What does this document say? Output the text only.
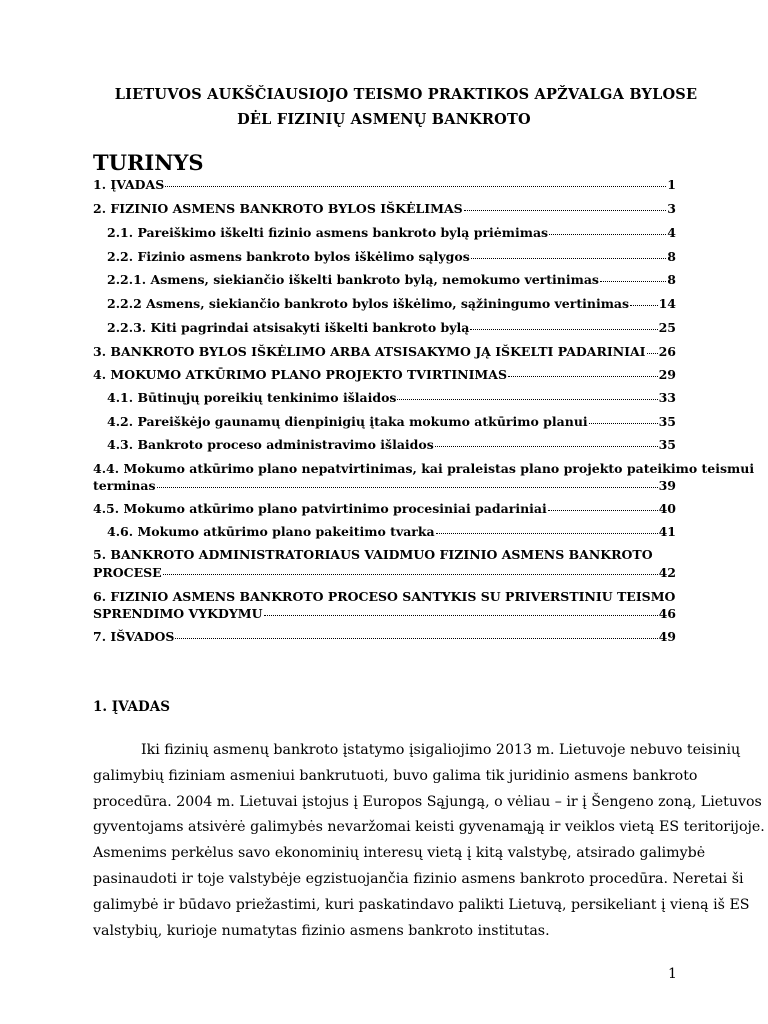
LIETUVOS AUKŠČIAUSIOJO TEISMO PRAKTIKOS APŽVALGA BYLOSE
DĖL FIZINIŲ ASMENŲ BANKROTO
TURINYS
1. ĮVADAS	1
2. FIZINIO ASMENS BANKROTO BYLOS IŠKĖLIMAS	3
2.1. Pareiškimo iškelti fizinio asmens bankroto bylą priėmimas	4
2.2. Fizinio asmens bankroto bylos iškėlimo sąlygos	8
2.2.1. Asmens, siekiančio iškelti bankroto bylą, nemokumo vertinimas	8
2.2.2 Asmens, siekiančio bankroto bylos iškėlimo, sąžiningumo vertinimas 14
2.2.3. Kiti pagrindai atsisakyti iškelti bankroto bylą	25
3. BANKROTO BYLOS IŠKĖLIMO ARBA ATSISAKYMO JĄ IŠKELTI PADARINIAI 26
4. MOKUMO ATKŪRIMO PLANO PROJEKTO TVIRTINIMAS	29
4.1. Būtinųjų poreikių tenkinimo išlaidos	33
4.2. Pareiškėjo gaunamų dienpinigių įtaka mokumo atkūrimo planui	35
4.3. Bankroto proceso administravimo išlaidos	35
4.4. Mokumo atkūrimo plano nepatvirtinimas, kai praleistas plano projekto pateikimo teismui
terminas	39
4.5. Mokumo atkūrimo plano patvirtinimo procesiniai padariniai	40
4.6. Mokumo atkūrimo plano pakeitimo tvarka	41
5. BANKROTO ADMINISTRATORIAUS VAIDMUO FIZINIO ASMENS BANKROTO
PROCESE	42
6. FIZINIO ASMENS BANKROTO PROCESO SANTYKIS SU PRIVERSTINIU TEISMO
SPRENDIMO VYKDYMU	46
7. IŠVADOS	49
1. ĮVADAS
Iki fizinių asmenų bankroto įstatymo įsigaliojimo 2013 m. Lietuvoje nebuvo teisinių
galimybių fiziniam asmeniui bankrutuoti, buvo galima tik juridinio asmens bankroto
procedūra. 2004 m. Lietuvai įstojus į Europos Sąjungą, o vėliau – ir į Šengeno zoną, Lietuvos
gyventojams atsivėrė galimybės nevaržomai keisti gyvenamąją ir veiklos vietą ES teritorijoje.
Asmenims perkėlus savo ekonominių interesų vietą į kitą valstybę, atsirado galimybė
pasinaudoti ir toje valstybėje egzistuojančia fizinio asmens bankroto procedūra. Neretai ši
galimybė ir būdavo priežastimi, kuri paskatindavo palikti Lietuvą, persikeliant į vieną iš ES
valstybių, kurioje numatytas fizinio asmens bankroto institutas.
1
